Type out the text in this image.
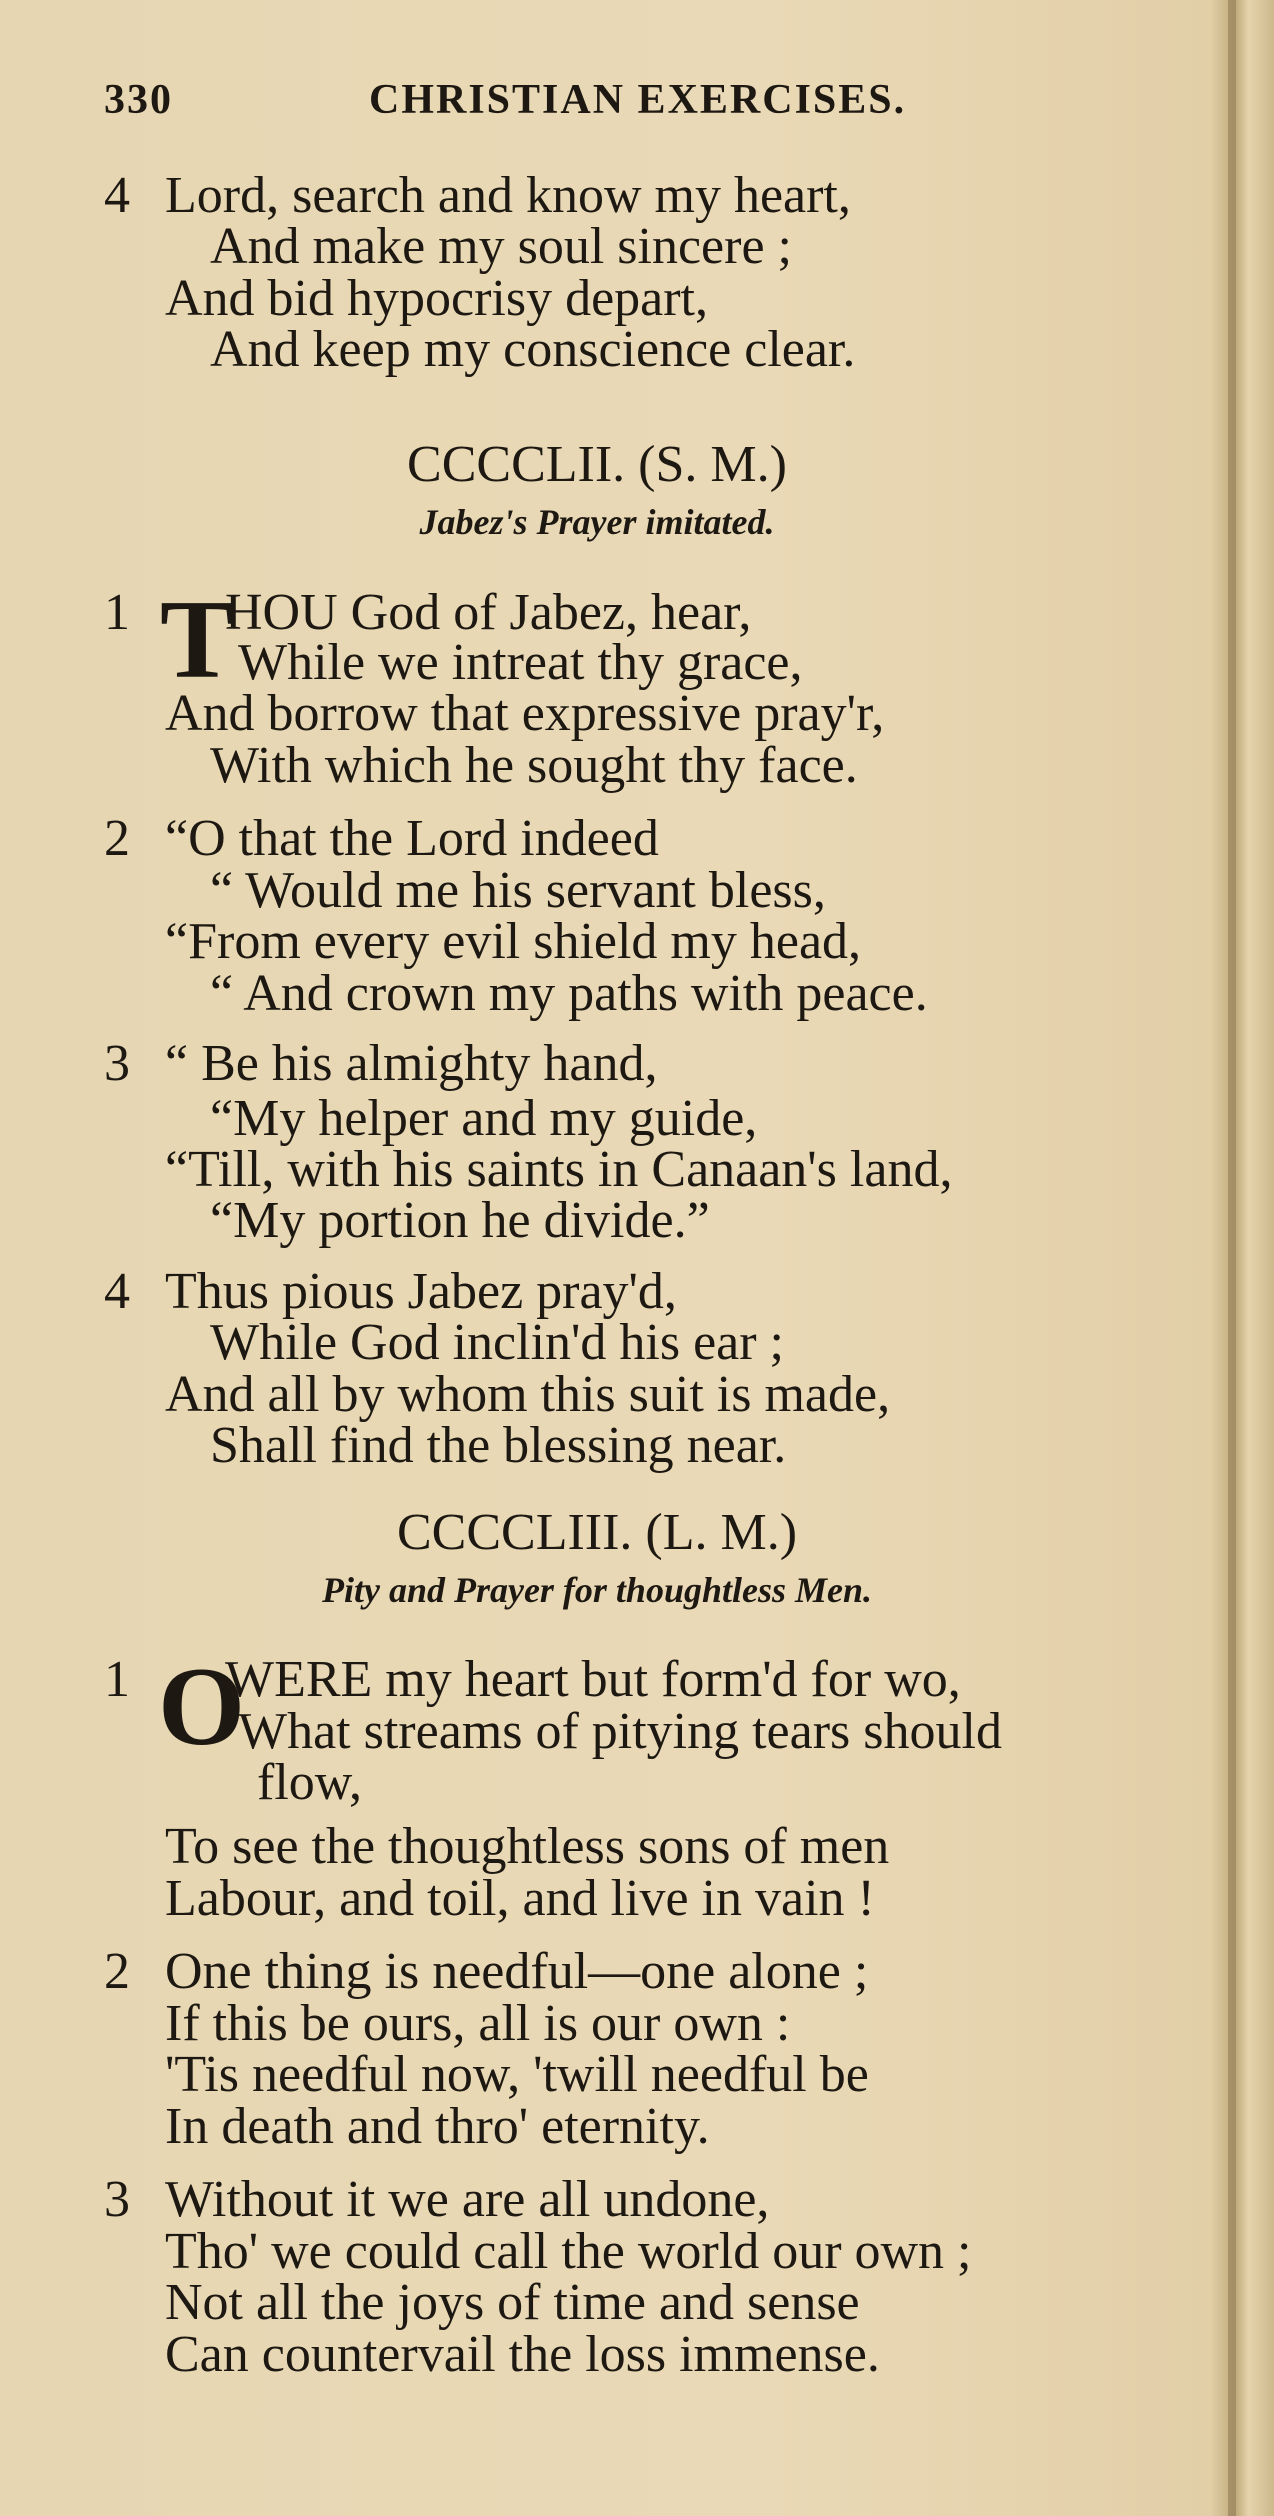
330	CHRISTIAN EXERCISES.
4 Lord, search and know my heart,
And make my soul sincere ;
And bid hypocrisy depart,
And keep my conscience clear.
CCCCLII. (S. M.)
Jabez's Prayer imitated.
T
1 HOU God of Jabez, hear,
While we intreat thy grace,
And borrow that expressive pray'r,
With which he sought thy face.
2 “O that the Lord indeed
“ Would me his servant bless,
“From every evil shield my head,
“ And crown my paths with peace.
3 “ Be his almighty hand,
“My helper and my guide,
“Till, with his saints in Canaan's land,
“My portion he divide.”
4 Thus pious Jabez pray'd,
While God inclin'd his ear ;
And all by whom this suit is made,
Shall find the blessing near.
CCCCLIII. (L. M.)
Pity and Prayer for thoughtless Men.
O
1 WERE my heart but form'd for wo,
What streams of pitying tears should
flow,
To see the thoughtless sons of men
Labour, and toil, and live in vain !
2 One thing is needful—one alone ;
If this be ours, all is our own :
'Tis needful now, 'twill needful be
In death and thro' eternity.
3 Without it we are all undone,
Tho' we could call the world our own ;
Not all the joys of time and sense
Can countervail the loss immense.
